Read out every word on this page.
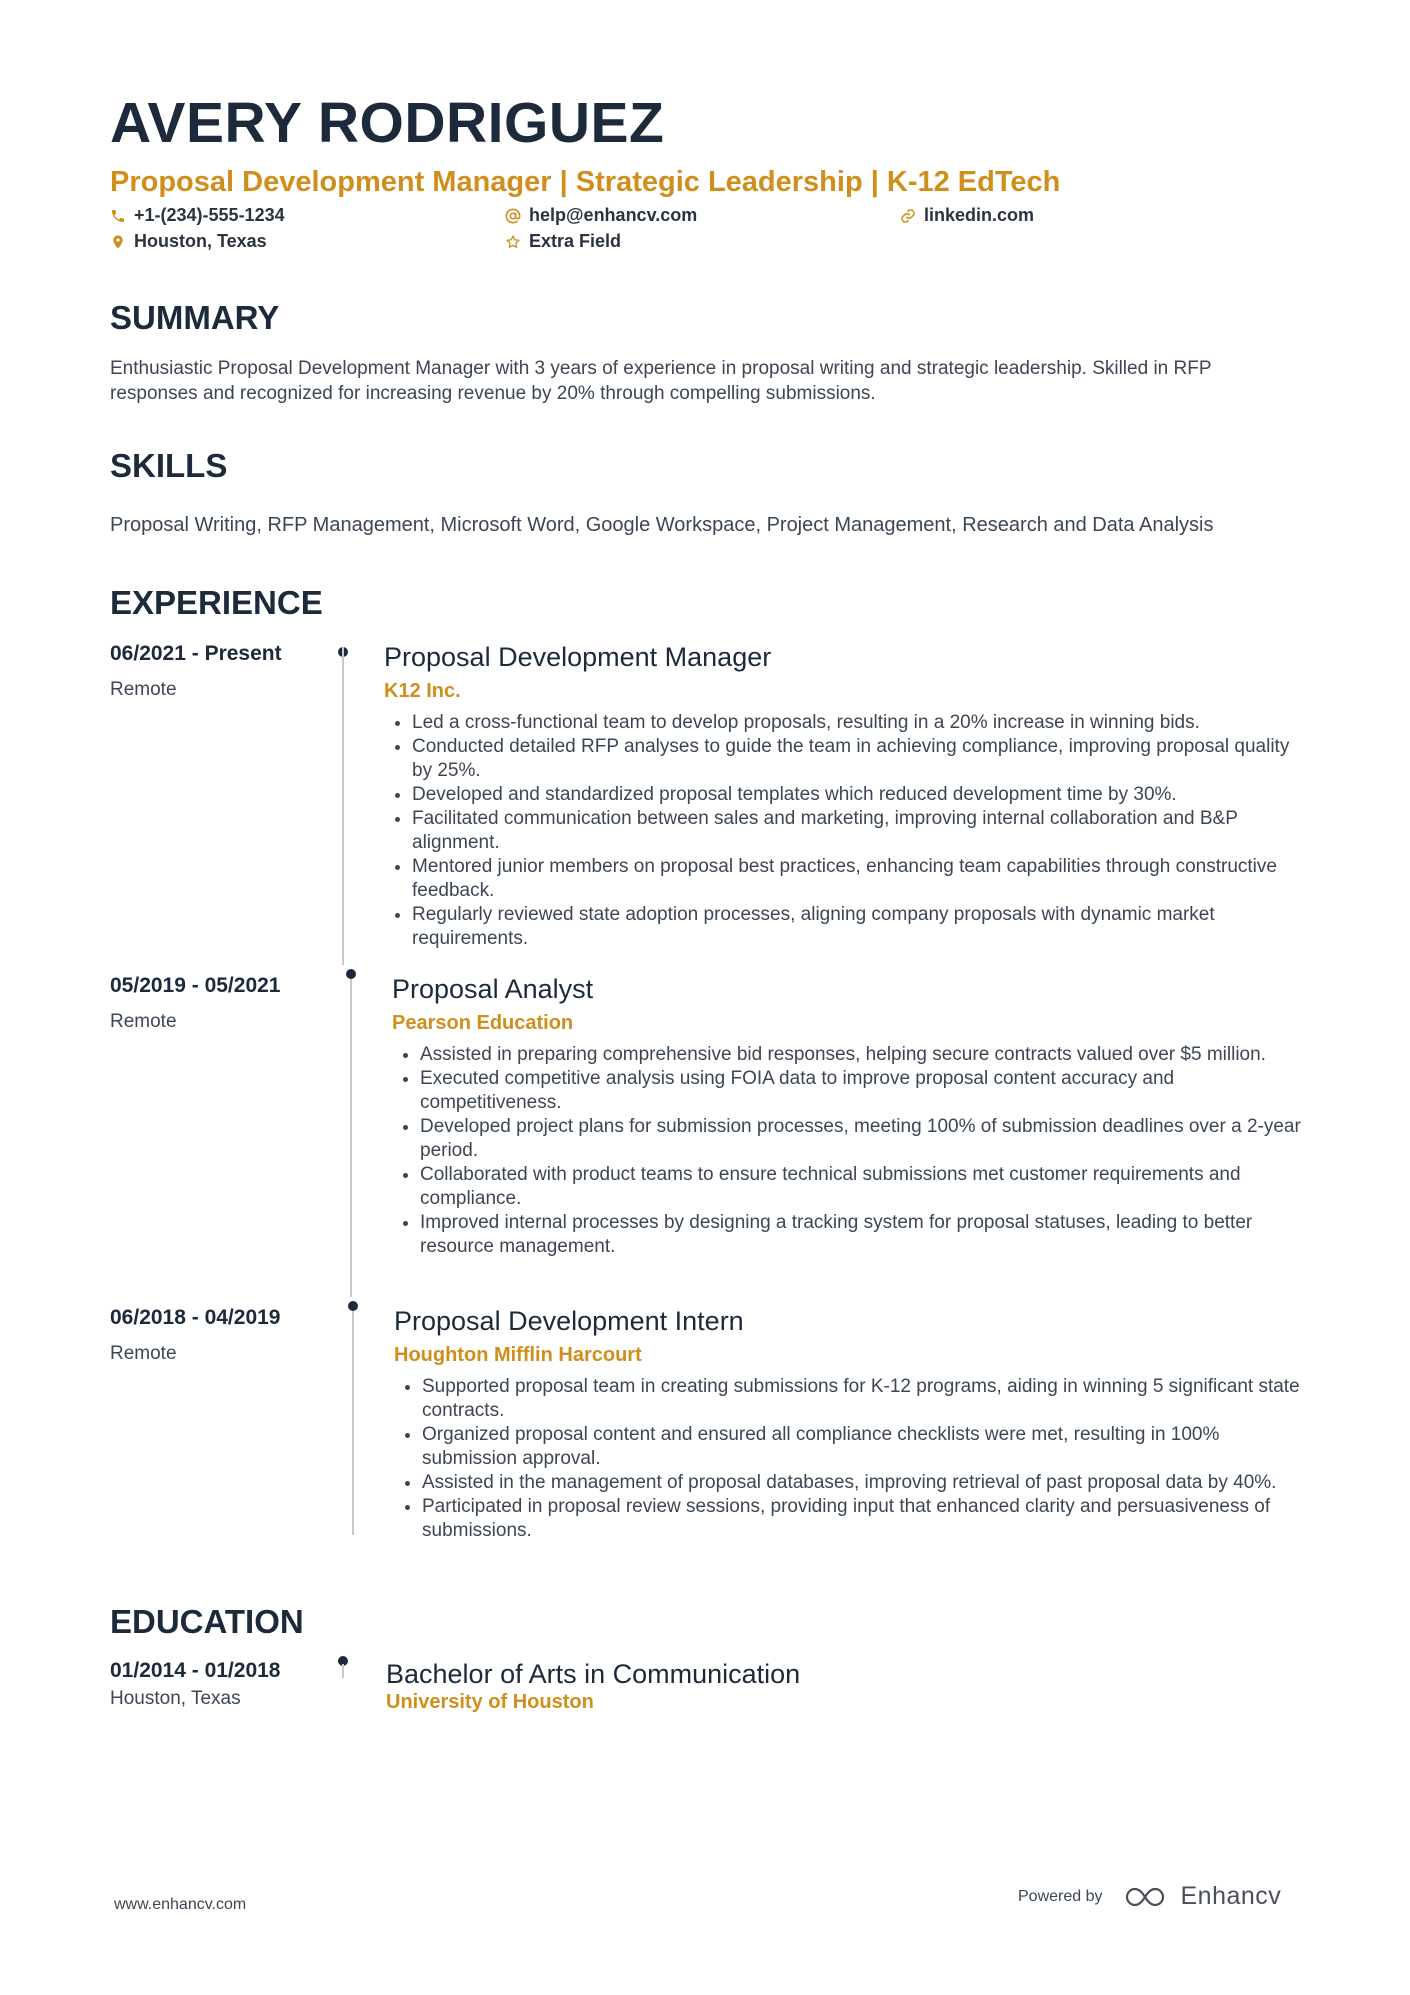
AVERY RODRIGUEZ
Proposal Development Manager | Strategic Leadership | K-12 EdTech
+1-(234)-555-1234	help@enhancv.com	linkedin.com
Houston, Texas	Extra Field
SUMMARY
Enthusiastic Proposal Development Manager with 3 years of experience in proposal writing and strategic leadership. Skilled in RFP responses and recognized for increasing revenue by 20% through compelling submissions.
SKILLS
Proposal Writing, RFP Management, Microsoft Word, Google Workspace, Project Management, Research and Data Analysis
EXPERIENCE
06/2021 - Present
Remote
Proposal Development Manager
K12 Inc.
• Led a cross-functional team to develop proposals, resulting in a 20% increase in winning bids.
• Conducted detailed RFP analyses to guide the team in achieving compliance, improving proposal quality by 25%.
• Developed and standardized proposal templates which reduced development time by 30%.
• Facilitated communication between sales and marketing, improving internal collaboration and B&P alignment.
• Mentored junior members on proposal best practices, enhancing team capabilities through constructive feedback.
• Regularly reviewed state adoption processes, aligning company proposals with dynamic market requirements.
05/2019 - 05/2021
Remote
Proposal Analyst
Pearson Education
• Assisted in preparing comprehensive bid responses, helping secure contracts valued over $5 million.
• Executed competitive analysis using FOIA data to improve proposal content accuracy and competitiveness.
• Developed project plans for submission processes, meeting 100% of submission deadlines over a 2-year period.
• Collaborated with product teams to ensure technical submissions met customer requirements and compliance.
• Improved internal processes by designing a tracking system for proposal statuses, leading to better resource management.
06/2018 - 04/2019
Remote
Proposal Development Intern
Houghton Mifflin Harcourt
• Supported proposal team in creating submissions for K-12 programs, aiding in winning 5 significant state contracts.
• Organized proposal content and ensured all compliance checklists were met, resulting in 100% submission approval.
• Assisted in the management of proposal databases, improving retrieval of past proposal data by 40%.
• Participated in proposal review sessions, providing input that enhanced clarity and persuasiveness of submissions.
EDUCATION
01/2014 - 01/2018
Houston, Texas
Bachelor of Arts in Communication
University of Houston
www.enhancv.com	Powered by	Enhancv
